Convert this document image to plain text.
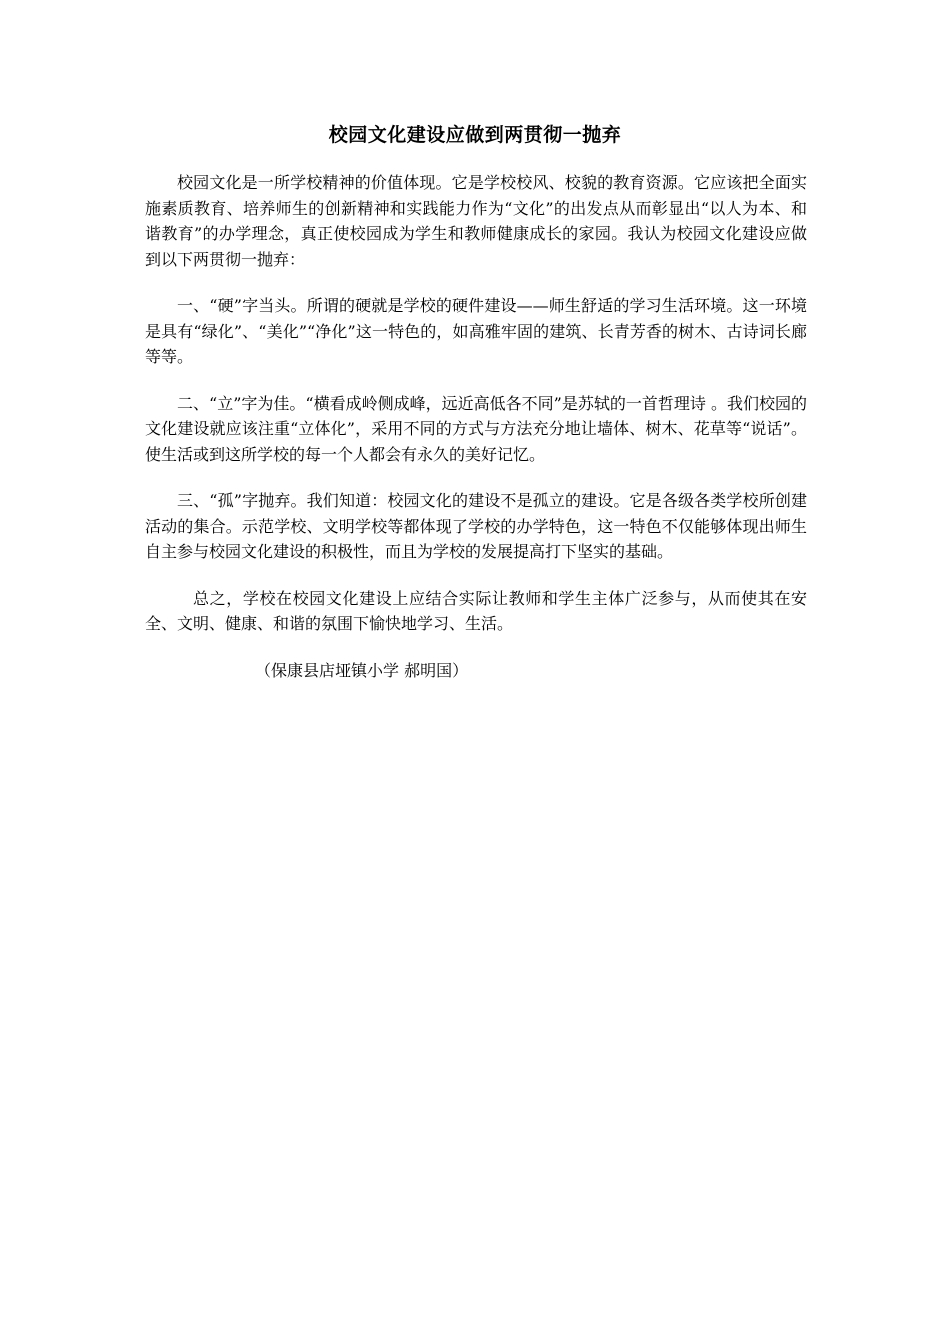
校园文化建设应做到两贯彻一抛弃

校园文化是一所学校精神的价值体现。它是学校校风、校貌的教育资源。它应该把全面实施素质教育、培养师生的创新精神和实践能力作为“文化”的出发点从而彰显出“以人为本、和谐教育”的办学理念，真正使校园成为学生和教师健康成长的家园。我认为校园文化建设应做到以下两贯彻一抛弃：

一、“硬”字当头。所谓的硬就是学校的硬件建设——师生舒适的学习生活环境。这一环境是具有“绿化”、“美化”“净化”这一特色的，如高雅牢固的建筑、长青芳香的树木、古诗词长廊等等。

二、“立”字为佳。“横看成岭侧成峰，远近高低各不同”是苏轼的一首哲理诗 。我们校园的文化建设就应该注重“立体化”，采用不同的方式与方法充分地让墙体、树木、花草等“说话”。使生活或到这所学校的每一个人都会有永久的美好记忆。

三、“孤”字抛弃。我们知道：校园文化的建设不是孤立的建设。它是各级各类学校所创建活动的集合。示范学校、文明学校等都体现了学校的办学特色，这一特色不仅能够体现出师生自主参与校园文化建设的积极性，而且为学校的发展提高打下坚实的基础。

总之，学校在校园文化建设上应结合实际让教师和学生主体广泛参与，从而使其在安全、文明、健康、和谐的氛围下愉快地学习、生活。

（保康县店垭镇小学 郝明国）
